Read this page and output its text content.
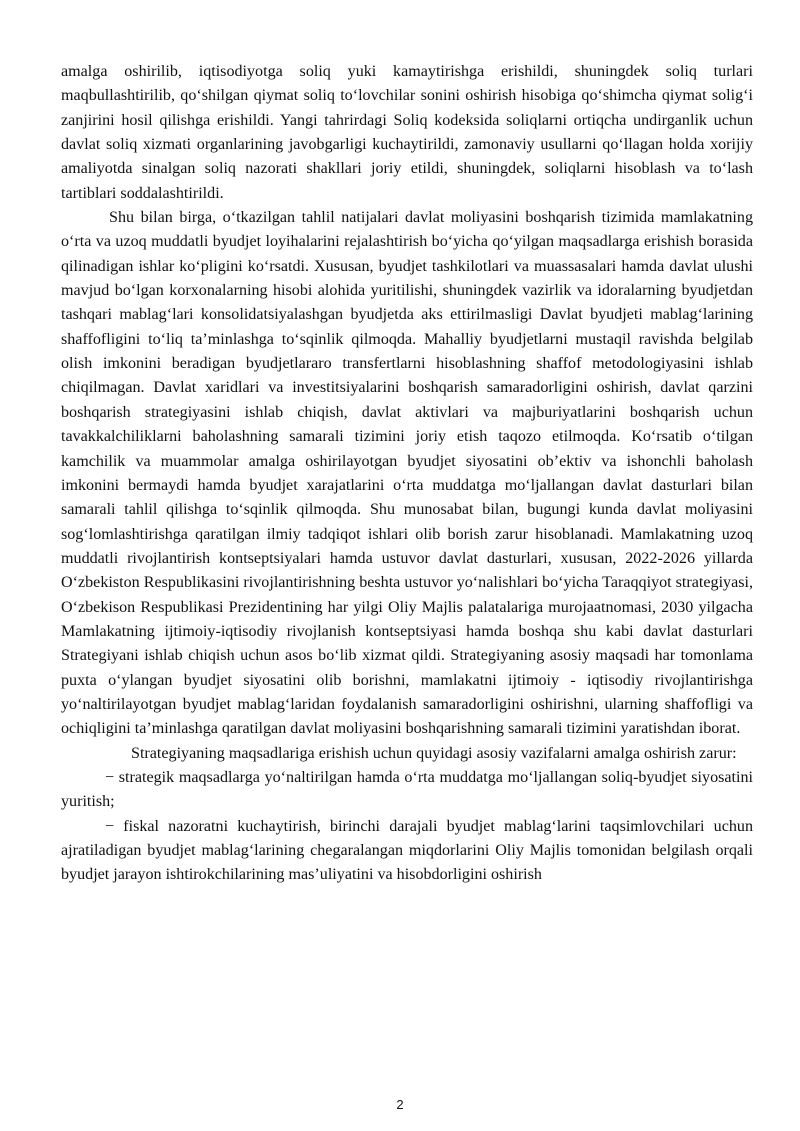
amalga oshirilib, iqtisodiyotga soliq yuki kamaytirishga erishildi, shuningdek soliq turlari maqbullashtirilib, qo‘shilgan qiymat soliq to‘lovchilar sonini oshirish hisobiga qo‘shimcha qiymat solig‘i zanjirini hosil qilishga erishildi. Yangi tahrirdagi Soliq kodeksida soliqlarni ortiqcha undirganlik uchun davlat soliq xizmati organlarining javobgarligi kuchaytirildi, zamonaviy usullarni qo‘llagan holda xorijiy amaliyotda sinalgan soliq nazorati shakllari joriy etildi, shuningdek, soliqlarni hisoblash va to‘lash tartiblari soddalashtirildi.

Shu bilan birga, o‘tkazilgan tahlil natijalari davlat moliyasini boshqarish tizimida mamlakatning o‘rta va uzoq muddatli byudjet loyihalarini rejalashtirish bo‘yicha qo‘yilgan maqsadlarga erishish borasida qilinadigan ishlar ko‘pligini ko‘rsatdi. Xususan, byudjet tashkilotlari va muassasalari hamda davlat ulushi mavjud bo‘lgan korxonalarning hisobi alohida yuritilishi, shuningdek vazirlik va idoralarning byudjetdan tashqari mablag‘lari konsolidatsiyalashgan byudjetda aks ettirilmasligi Davlat byudjeti mablag‘larining shaffofligini to‘liq ta’minlashga to‘sqinlik qilmoqda. Mahalliy byudjetlarni mustaqil ravishda belgilab olish imkonini beradigan byudjetlararo transfertlarni hisoblashning shaffof metodologiyasini ishlab chiqilmagan. Davlat xaridlari va investitsiyalarini boshqarish samaradorligini oshirish, davlat qarzini boshqarish strategiyasini ishlab chiqish, davlat aktivlari va majburiyatlarini boshqarish uchun tavakkalchiliklarni baholashning samarali tizimini joriy etish taqozo etilmoqda. Ko‘rsatib o‘tilgan kamchilik va muammolar amalga oshirilayotgan byudjet siyosatini ob’ektiv va ishonchli baholash imkonini bermaydi hamda byudjet xarajatlarini o‘rta muddatga mo‘ljallangan davlat dasturlari bilan samarali tahlil qilishga to‘sqinlik qilmoqda. Shu munosabat bilan, bugungi kunda davlat moliyasini sog‘lomlashtirishga qaratilgan ilmiy tadqiqot ishlari olib borish zarur hisoblanadi. Mamlakatning uzoq muddatli rivojlantirish kontseptsiyalari hamda ustuvor davlat dasturlari, xususan, 2022-2026 yillarda O‘zbekiston Respublikasini rivojlantirishning beshta ustuvor yo‘nalishlari bo‘yicha Taraqqiyot strategiyasi, O‘zbekison Respublikasi Prezidentining har yilgi Oliy Majlis palatalariga murojaatnomasi, 2030 yilgacha Mamlakatning ijtimoiy-iqtisodiy rivojlanish kontseptsiyasi hamda boshqa shu kabi davlat dasturlari Strategiyani ishlab chiqish uchun asos bo‘lib xizmat qildi. Strategiyaning asosiy maqsadi har tomonlama puxta o‘ylangan byudjet siyosatini olib borishni, mamlakatni ijtimoiy - iqtisodiy rivojlantirishga yo‘naltirilayotgan byudjet mablag‘laridan foydalanish samaradorligini oshirishni, ularning shaffofligi va ochiqligini ta’minlashga qaratilgan davlat moliyasini boshqarishning samarali tizimini yaratishdan iborat.

Strategiyaning maqsadlariga erishish uchun quyidagi asosiy vazifalarni amalga oshirish zarur:

− strategik maqsadlarga yo‘naltirilgan hamda o‘rta muddatga mo‘ljallangan soliq-byudjet siyosatini yuritish;

− fiskal nazoratni kuchaytirish, birinchi darajali byudjet mablag‘larini taqsimlovchilari uchun ajratiladigan byudjet mablag‘larining chegaralangan miqdorlarini Oliy Majlis tomonidan belgilash orqali byudjet jarayon ishtirokchilarining mas’uliyatini va hisobdorligini oshirish

2
